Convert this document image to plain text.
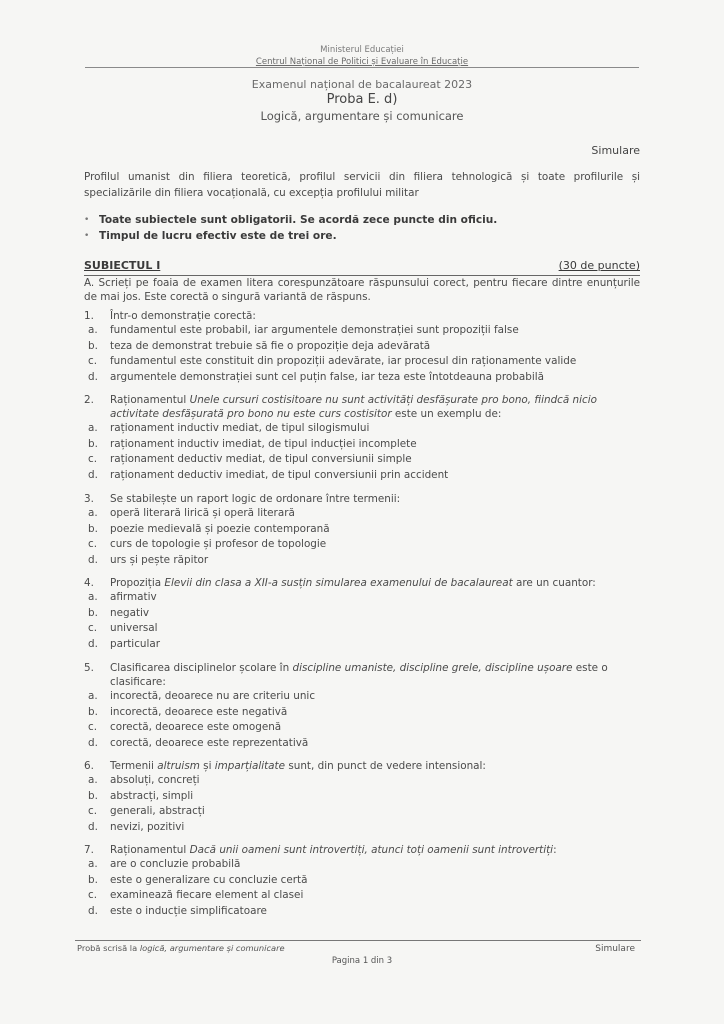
Ministerul Educației
Centrul Național de Politici și Evaluare în Educație
Examenul național de bacalaureat 2023
Proba E. d)
Logică, argumentare și comunicare
Simulare
Profilul umanist din filiera teoretică, profilul servicii din filiera tehnologică și toate profilurile și specializările din filiera vocațională, cu excepția profilului militar
• Toate subiectele sunt obligatorii. Se acordă zece puncte din oficiu.
• Timpul de lucru efectiv este de trei ore.
SUBIECTUL I	(30 de puncte)
A. Scrieți pe foaia de examen litera corespunzătoare răspunsului corect, pentru fiecare dintre enunțurile de mai jos. Este corectă o singură variantă de răspuns.
1. Într-o demonstrație corectă:
a. fundamentul este probabil, iar argumentele demonstrației sunt propoziții false
b. teza de demonstrat trebuie să fie o propoziție deja adevărată
c. fundamentul este constituit din propoziții adevărate, iar procesul din raționamente valide
d. argumentele demonstrației sunt cel puțin false, iar teza este întotdeauna probabilă
2. Raționamentul Unele cursuri costisitoare nu sunt activități desfășurate pro bono, fiindcă nicio activitate desfășurată pro bono nu este curs costisitor este un exemplu de:
a. raționament inductiv mediat, de tipul silogismului
b. raționament inductiv imediat, de tipul inducției incomplete
c. raționament deductiv mediat, de tipul conversiunii simple
d. raționament deductiv imediat, de tipul conversiunii prin accident
3. Se stabilește un raport logic de ordonare între termenii:
a. operă literară lirică și operă literară
b. poezie medievală și poezie contemporană
c. curs de topologie și profesor de topologie
d. urs și pește răpitor
4. Propoziția Elevii din clasa a XII-a susțin simularea examenului de bacalaureat are un cuantor:
a. afirmativ
b. negativ
c. universal
d. particular
5. Clasificarea disciplinelor școlare în discipline umaniste, discipline grele, discipline ușoare este o clasificare:
a. incorectă, deoarece nu are criteriu unic
b. incorectă, deoarece este negativă
c. corectă, deoarece este omogenă
d. corectă, deoarece este reprezentativă
6. Termenii altruism și imparțialitate sunt, din punct de vedere intensional:
a. absoluți, concreți
b. abstracți, simpli
c. generali, abstracți
d. nevizi, pozitivi
7. Raționamentul Dacă unii oameni sunt introvertiți, atunci toți oamenii sunt introvertiți:
a. are o concluzie probabilă
b. este o generalizare cu concluzie certă
c. examinează fiecare element al clasei
d. este o inducție simplificatoare
Probă scrisă la logică, argumentare și comunicare	Simulare
Pagina 1 din 3
